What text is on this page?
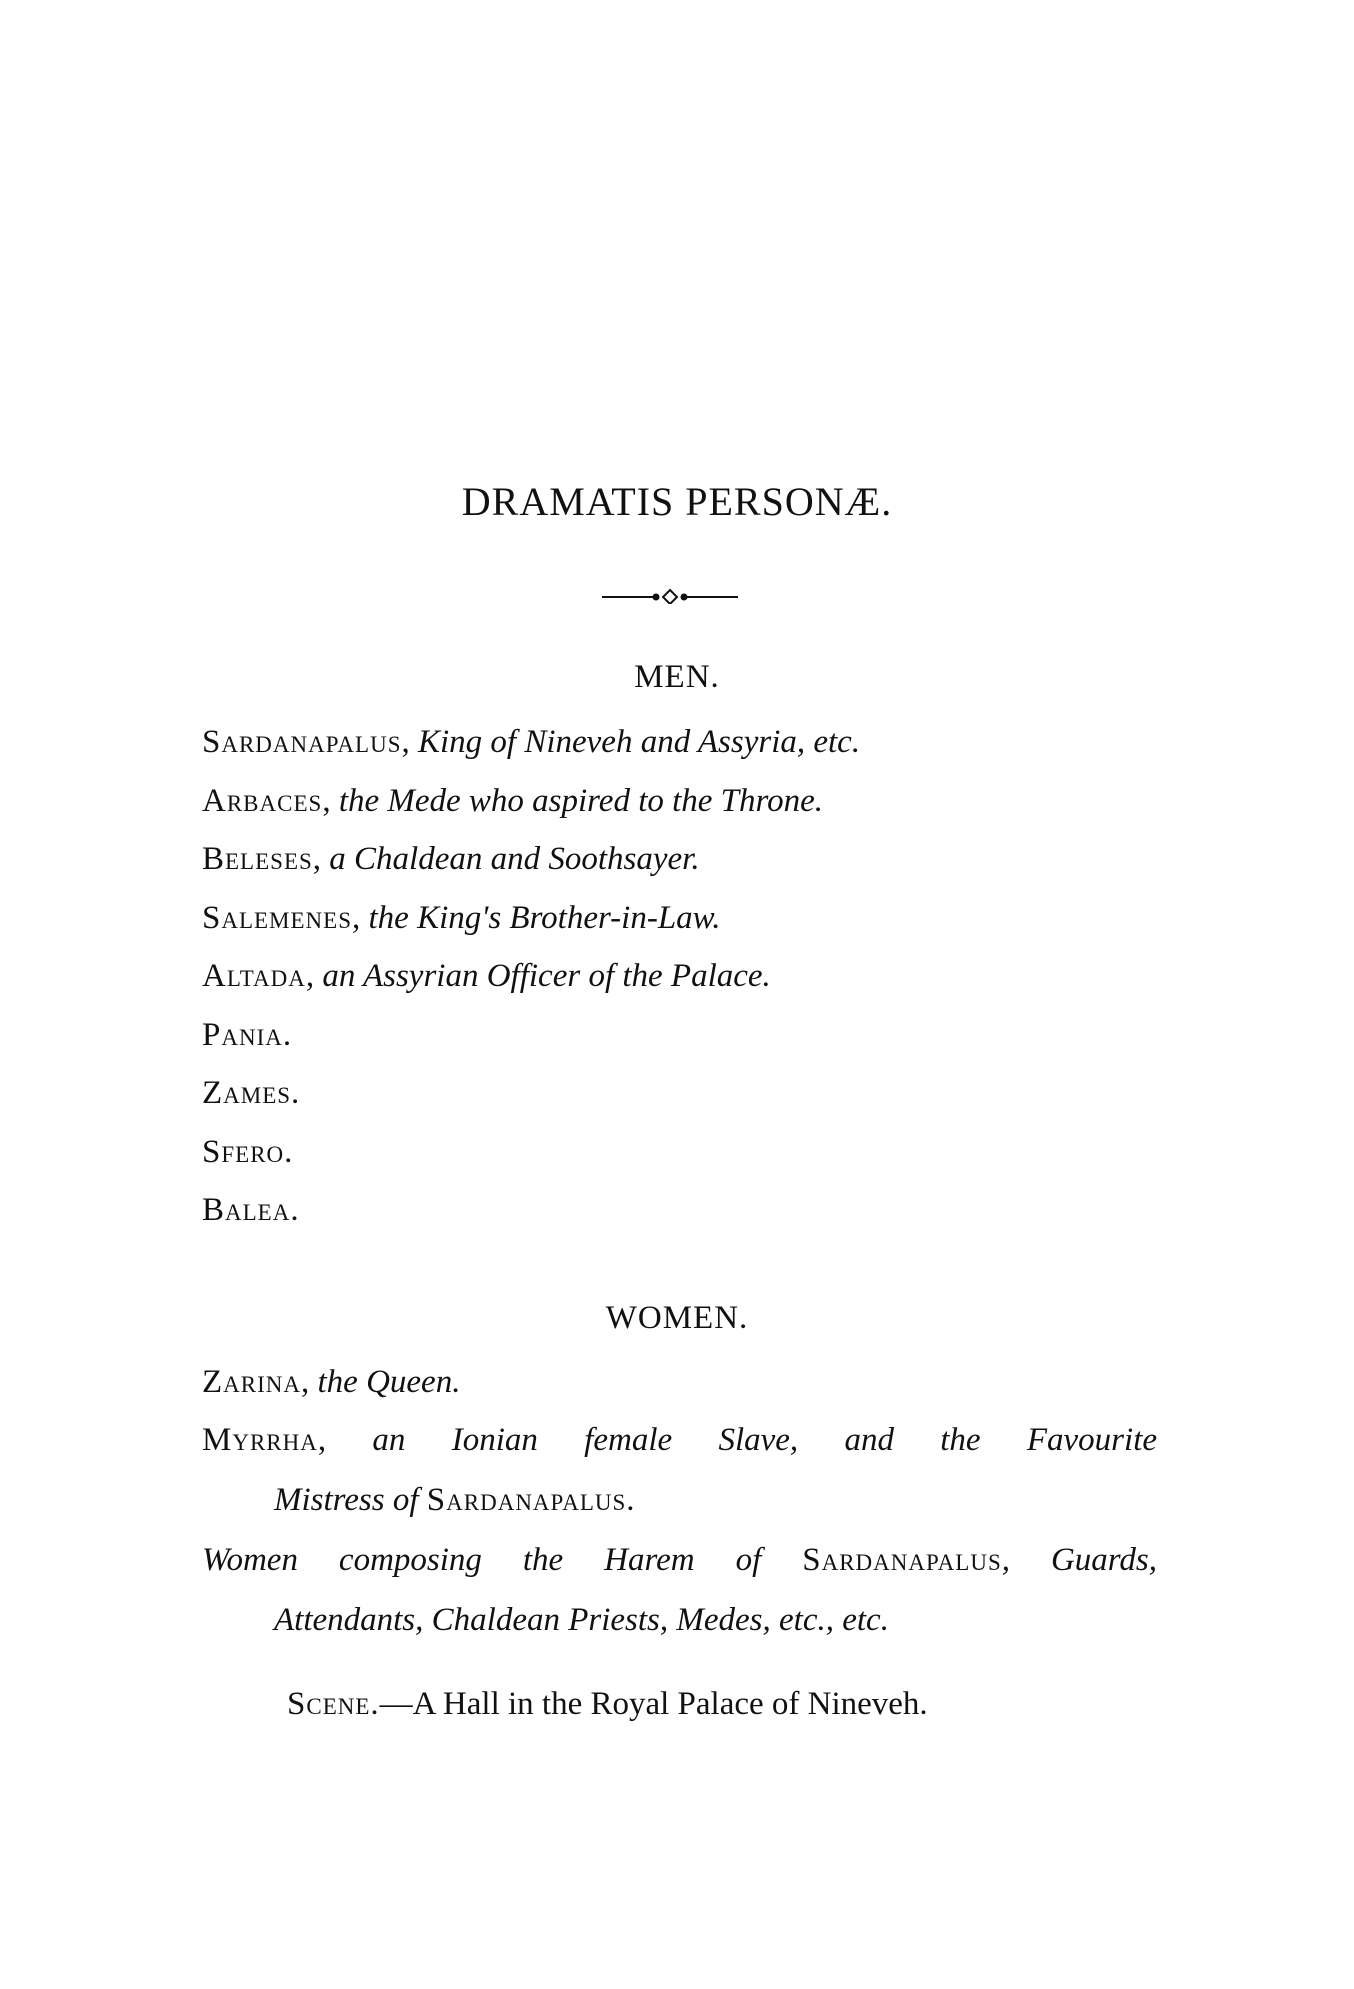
DRAMATIS PERSONÆ.
MEN.
Sardanapalus, King of Nineveh and Assyria, etc.
Arbaces, the Mede who aspired to the Throne.
Beleses, a Chaldean and Soothsayer.
Salemenes, the King's Brother-in-Law.
Altada, an Assyrian Officer of the Palace.
Pania.
Zames.
Sfero.
Balea.
WOMEN.
Zarina, the Queen.
Myrrha, an Ionian female Slave, and the Favourite
Mistress of Sardanapalus.
Women composing the Harem of Sardanapalus, Guards,
Attendants, Chaldean Priests, Medes, etc., etc.
Scene.—A Hall in the Royal Palace of Nineveh.
